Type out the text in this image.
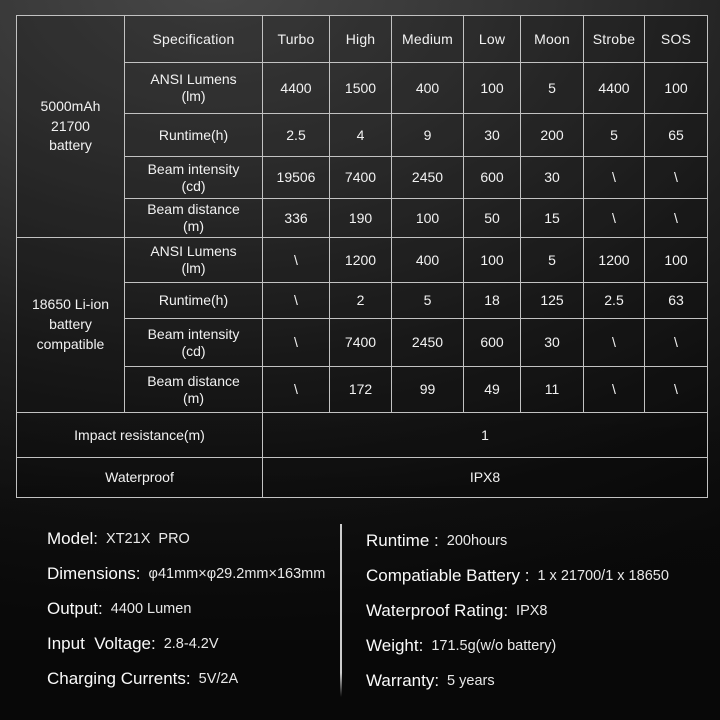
5000mAh
21700
battery	Specification	Turbo	High	Medium	Low	Moon	Strobe	SOS

	ANSI Lumens
(lm)	4400	1500	400	100	5	4400	100

	Runtime(h)	2.5	4	9	30	200	5	65

	Beam intensity
(cd)	19506	7400	2450	600	30	\	\

	Beam distance
(m)	336	190	100	50	15	\	\

18650 Li-ion
battery
compatible

ANSI Lumens
(lm)
	\	1200	400	100	5	1200	100

	Runtime(h)	\	2	5	18	125	2.5	63

	Beam intensity
(cd)	\	7400	2450	600	30	\	\

	Beam distance
(m)	\	172	99	49	11	\	\
Impact resistance(m)		1						
Waterproof		IPX8						
Model: XT21X  PRO
Dimensions: φ41mm×φ29.2mm×163mm
Output: 4400 Lumen
Input  Voltage: 2.8-4.2V
Charging Currents: 5V/2A
Runtime : 200hours
Compatiable Battery : 1 x 21700/1 x 18650
Waterproof Rating: IPX8
Weight: 171.5g(w/o battery)
Warranty: 5 years
